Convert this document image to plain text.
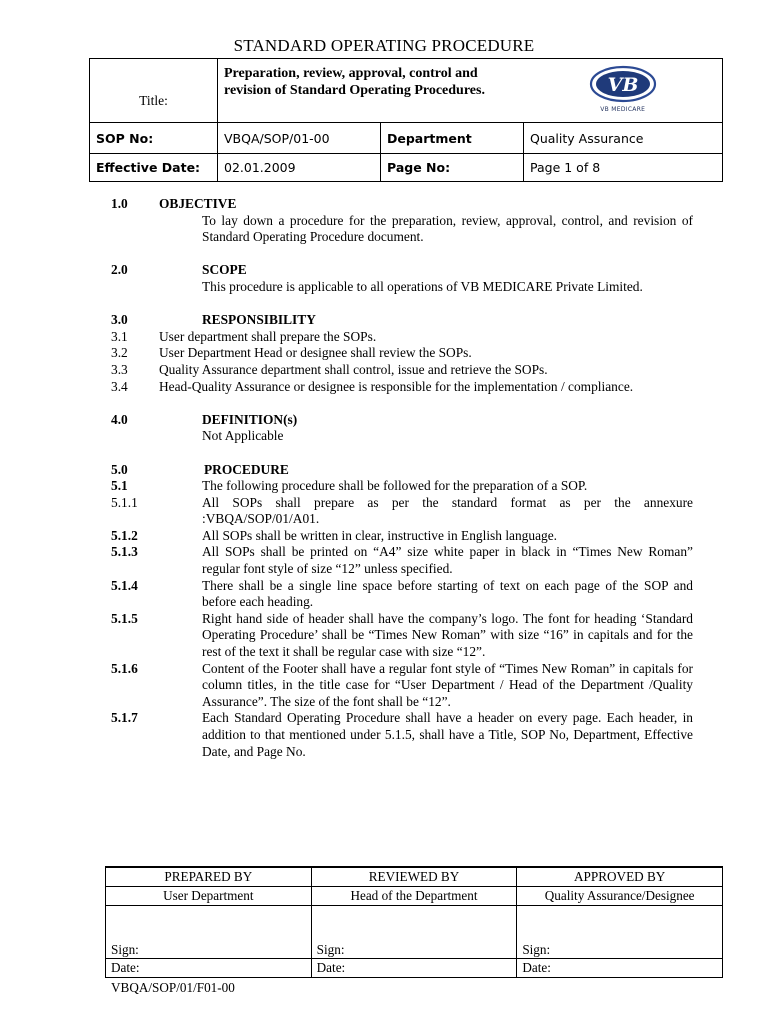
STANDARD OPERATING PROCEDURE
Title:	Preparation, review, approval, control and revision of Standard Operating Procedures.		VB
VB MEDICARE

SOP No:	VBQA/SOP/01-00	Department	Quality Assurance
Effective Date:	02.01.2009	Page No:	Page 1 of 8
1.0	OBJECTIVE
To lay down a procedure for the preparation, review, approval, control, and revision of Standard Operating Procedure document.
2.0	SCOPE
This procedure is applicable to all operations of VB MEDICARE Private Limited.
3.0	RESPONSIBILITY
3.1	User department shall prepare the SOPs.
3.2	User Department Head or designee shall review the SOPs.
3.3	Quality Assurance department shall control, issue and retrieve the SOPs.
3.4	Head-Quality Assurance or designee is responsible for the implementation / compliance.
4.0	DEFINITION(s)
Not Applicable
5.0	PROCEDURE
5.1	The following procedure shall be followed for the preparation of a SOP.
5.1.1	All SOPs shall prepare as per the standard format as per the annexure :VBQA/SOP/01/A01.
5.1.2	All SOPs shall be written in clear, instructive in English language.
5.1.3	All SOPs shall be printed on “A4” size white paper in black in “Times New Roman” regular font style of size “12” unless specified.
5.1.4	There shall be a single line space before starting of text on each page of the SOP and before each heading.
5.1.5	Right hand side of header shall have the company’s logo. The font for heading ‘Standard Operating Procedure’ shall be “Times New Roman” with size “16” in capitals and for the rest of the text it shall be regular case with size “12”.
5.1.6	Content of the Footer shall have a regular font style of “Times New Roman” in capitals for column titles, in the title case for “User Department / Head of the Department /Quality Assurance”. The size of the font shall be “12”.
5.1.7	Each Standard Operating Procedure shall have a header on every page. Each header, in addition to that mentioned under 5.1.5, shall have a Title, SOP No, Department, Effective Date, and Page No.
PREPARED BY	REVIEWED BY	APPROVED BY
User Department	Head of the Department	Quality Assurance/Designee
Sign:	Sign:	Sign:
Date:	Date:	Date:
VBQA/SOP/01/F01-00
